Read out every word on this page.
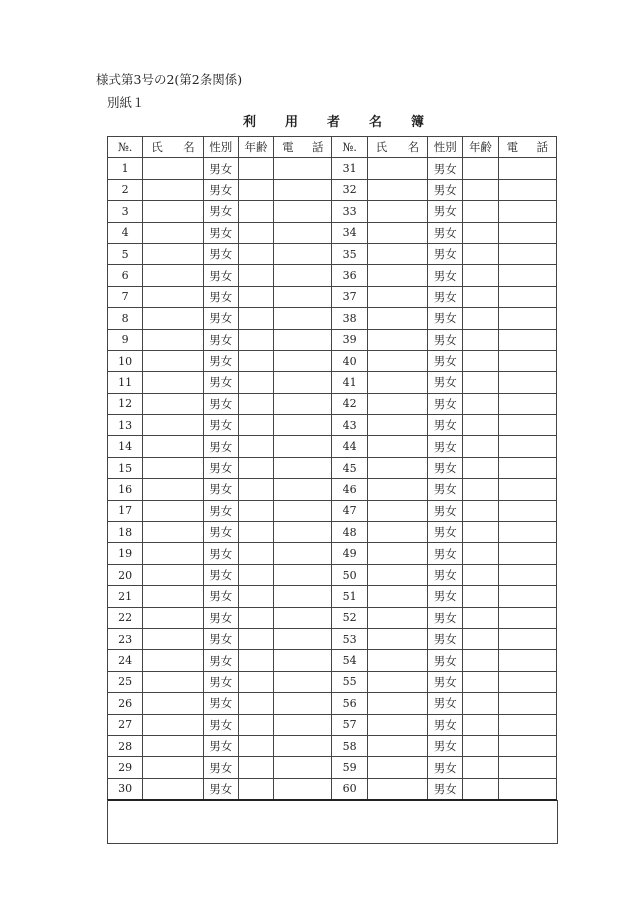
様式第3号の2(第2条関係)
別紙１
利用者名簿
№.	氏 名	性別	年齢	電 話	№.	氏 名	性別	年齢	電 話

1		男女			31		男女		
2		男女			32		男女		
3		男女			33		男女		
4		男女			34		男女		
5		男女			35		男女		
6		男女			36		男女		
7		男女			37		男女		
8		男女			38		男女		
9		男女			39		男女		
10		男女			40		男女		
11		男女			41		男女		
12		男女			42		男女		
13		男女			43		男女		
14		男女			44		男女		
15		男女			45		男女		
16		男女			46		男女		
17		男女			47		男女		
18		男女			48		男女		
19		男女			49		男女		
20		男女			50		男女		
21		男女			51		男女		
22		男女			52		男女		
23		男女			53		男女		
24		男女			54		男女		
25		男女			55		男女		
26		男女			56		男女		
27		男女			57		男女		
28		男女			58		男女		
29		男女			59		男女		
30		男女			60		男女		
